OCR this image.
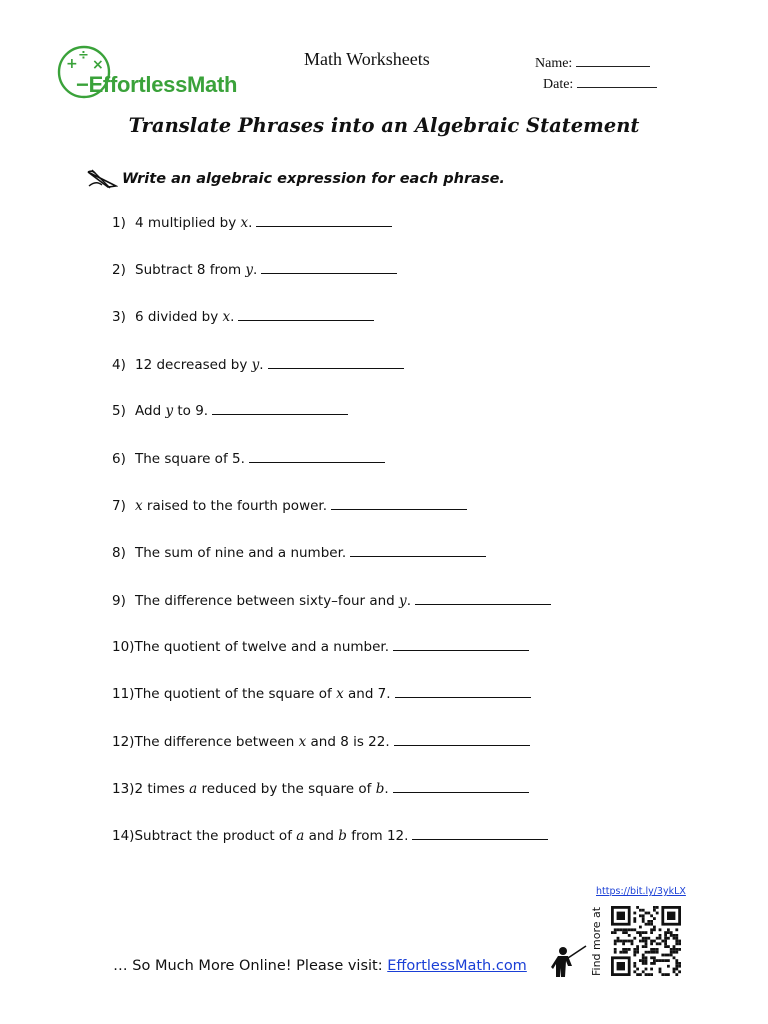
+
÷
×
−EffortlessMath
Math Worksheets	Name:
Date:
Translate Phrases into an Algebraic Statement
Write an algebraic expression for each phrase.
1) 4 multiplied by x.
2) Subtract 8 from y.
3) 6 divided by x.
4) 12 decreased by y.
5) Add y to 9.
6) The square of 5.
7) x raised to the fourth power.
8) The sum of nine and a number.
9) The difference between sixty–four and y.
10)The quotient of twelve and a number.
11)The quotient of the square of x and 7.
12)The difference between x and 8 is 22.
13)2 times a reduced by the square of b.
14)Subtract the product of a and b from 12.
… So Much More Online! Please visit: EffortlessMath.com
https://bit.ly/3ykLX
Find more at
